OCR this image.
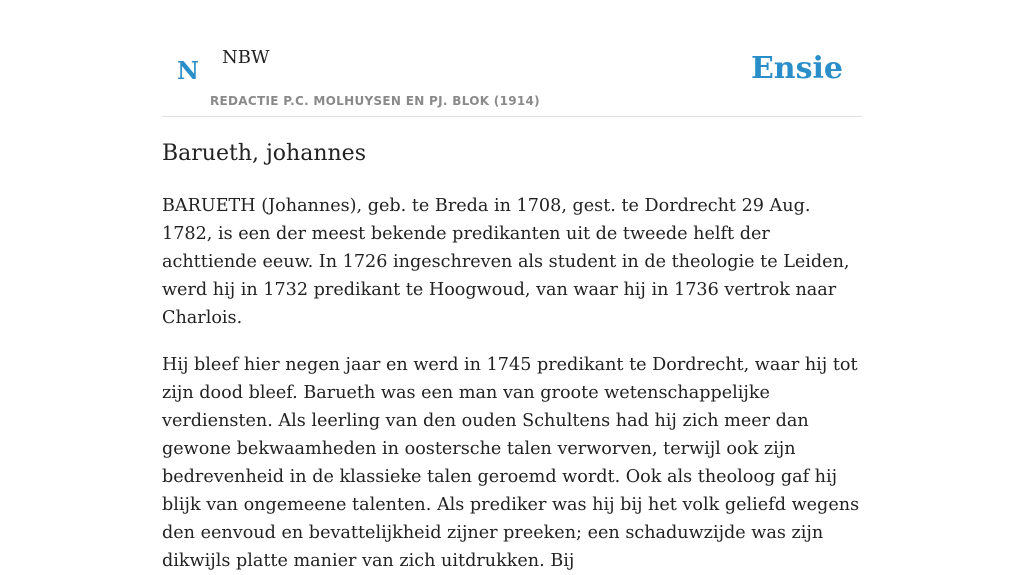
N NBW
REDACTIE P.C. MOLHUYSEN EN PJ. BLOK (1914)
Ensie
Barueth, johannes

BARUETH (Johannes), geb. te Breda in 1708, gest. te Dordrecht 29 Aug. 1782, is een der meest bekende predikanten uit de tweede helft der achttiende eeuw. In 1726 ingeschreven als student in de theologie te Leiden, werd hij in 1732 predikant te Hoogwoud, van waar hij in 1736 vertrok naar Charlois.

Hij bleef hier negen jaar en werd in 1745 predikant te Dordrecht, waar hij tot zijn dood bleef. Barueth was een man van groote wetenschappelijke verdiensten. Als leerling van den ouden Schultens had hij zich meer dan gewone bekwaamheden in oostersche talen verworven, terwijl ook zijn bedrevenheid in de klassieke talen geroemd wordt. Ook als theoloog gaf hij blijk van ongemeene talenten. Als prediker was hij bij het volk geliefd wegens den eenvoud en bevattelijkheid zijner preeken; een schaduwzijde was zijn dikwijls platte manier van zich uitdrukken. Bij
